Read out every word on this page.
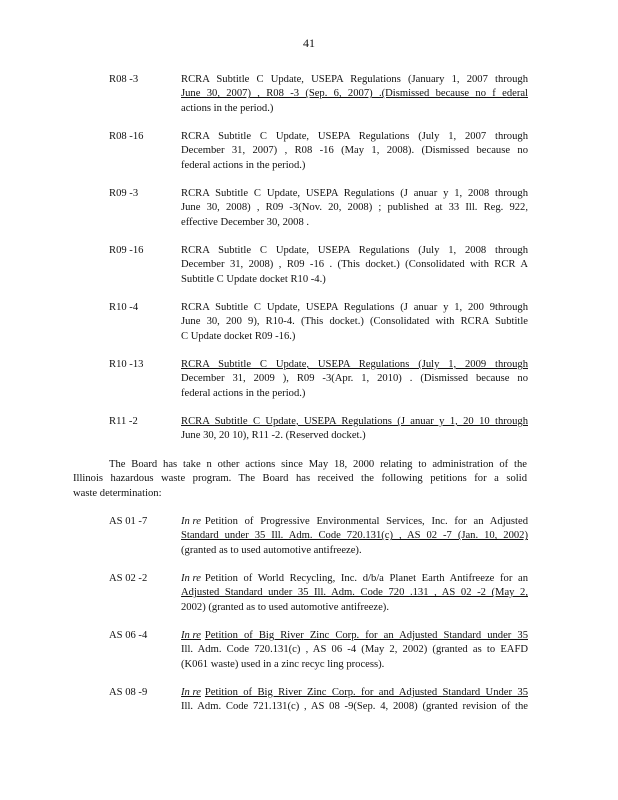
41
R08 -3	RCRA Subtitle C Update, USEPA Regulations (January 1, 2007 through
June 30, 2007) , R08 -3 (Sep. 6, 2007) .(Dismissed because no f ederal
actions in the period.)
R08 -16	RCRA Subtitle C Update, USEPA Regulations (July 1, 2007 through
December 31, 2007) , R08 -16 (May 1, 2008). (Dismissed because no
federal actions in the period.)
R09 -3	RCRA Subtitle C Update, USEPA Regulations (J anuar y 1, 2008 through
June 30, 2008) , R09 -3(Nov. 20, 2008) ; published at 33 Ill. Reg. 922,
effective December 30, 2008 .
R09 -16	RCRA Subtitle C Update, USEPA Regulations (July 1, 2008 through
December 31, 2008) , R09 -16 . (This docket.) (Consolidated with RCR A
Subtitle C Update docket R10 -4.)
R10 -4	RCRA Subtitle C Update, USEPA Regulations (J anuar y 1, 200 9through
June 30, 200 9), R10-4. (This docket.) (Consolidated with RCRA Subtitle
C Update docket R09 -16.)
R10 -13	RCRA Subtitle C Update, USEPA Regulations (July 1, 2009 through
December 31, 2009 ), R09 -3(Apr. 1, 2010) . (Dismissed because no
federal actions in the period.)
R11 -2	RCRA Subtitle C Update, USEPA Regulations (J anuar y 1, 20 10 through
June 30, 20 10), R11 -2. (Reserved docket.)
The Board has take n other actions since May 18, 2000 relating to administration of the
Illinois hazardous waste program. The Board has received the following petitions for a solid
waste determination:
AS 01 -7	In re Petition of Progressive Environmental Services, Inc. for an Adjusted
Standard under 35 Ill. Adm. Code 720.131(c) , AS 02 -7 (Jan. 10, 2002)
(granted as to used automotive antifreeze).
AS 02 -2	In re Petition of World Recycling, Inc. d/b/a Planet Earth Antifreeze for an
Adjusted Standard under 35 Ill. Adm. Code 720 .131 , AS 02 -2 (May 2,
2002) (granted as to used automotive antifreeze).
AS 06 -4	In re Petition of Big River Zinc Corp. for an Adjusted Standard under 35
Ill. Adm. Code 720.131(c) , AS 06 -4 (May 2, 2002) (granted as to EAFD
(K061 waste) used in a zinc recyc ling process).
AS 08 -9	In re Petition of Big River Zinc Corp. for and Adjusted Standard Under 35
Ill. Adm. Code 721.131(c) , AS 08 -9(Sep. 4, 2008) (granted revision of the
